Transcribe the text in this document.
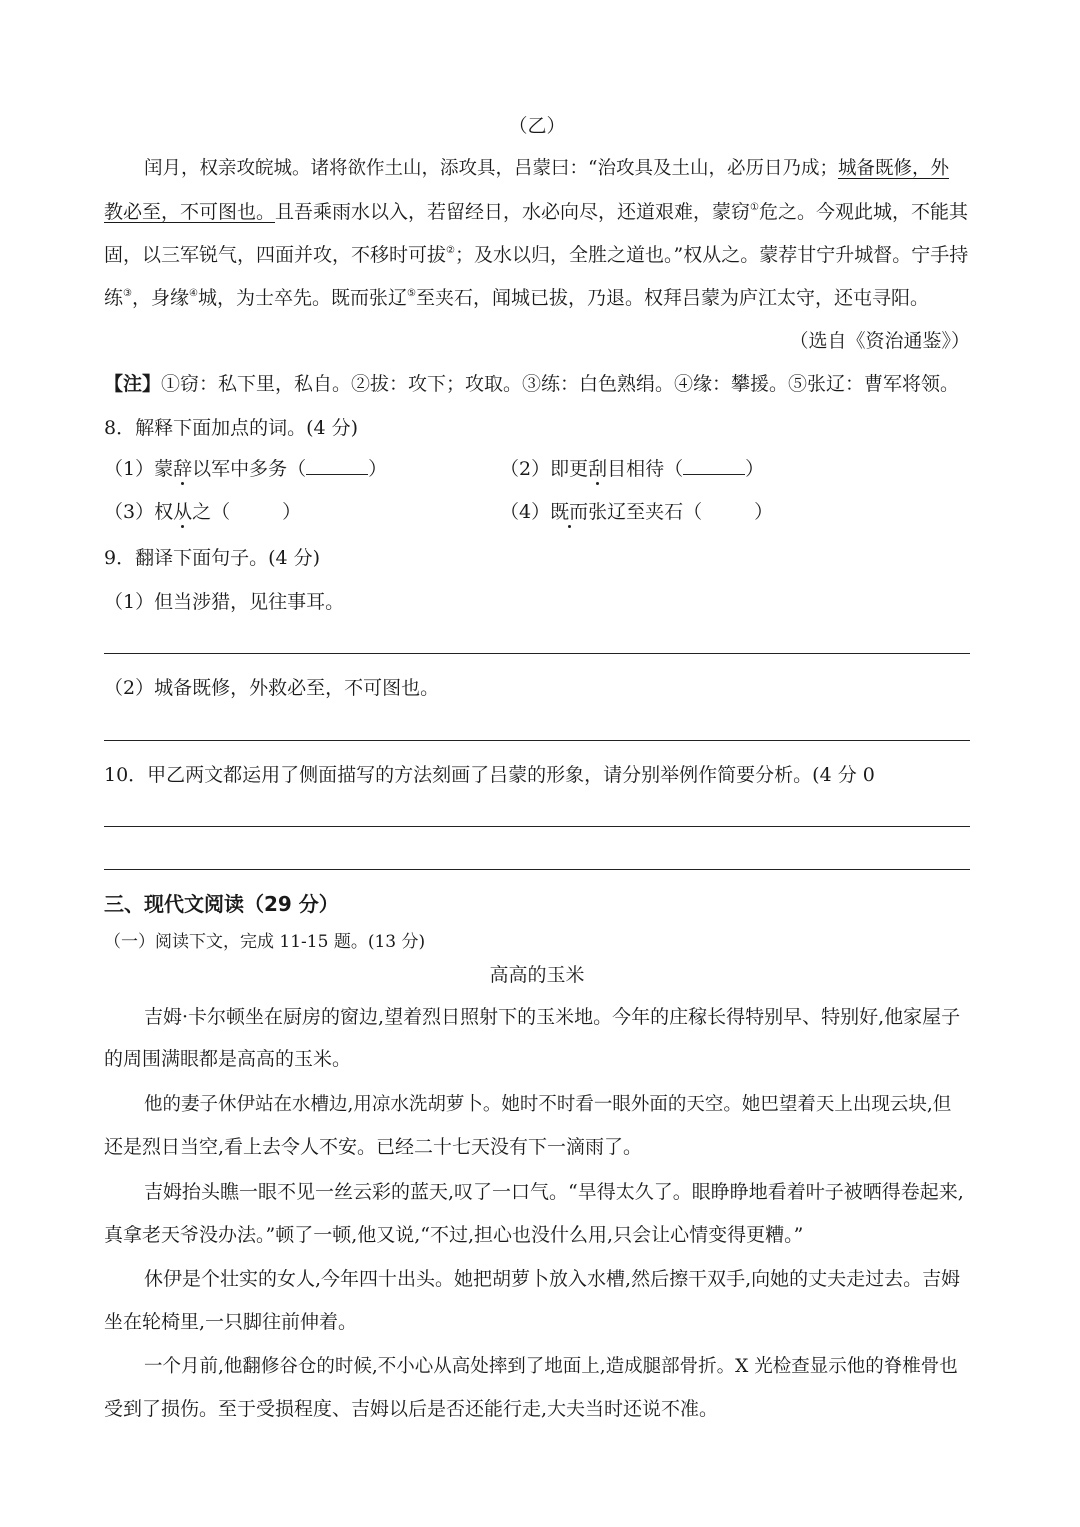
（乙）
闰月，权亲攻皖城。诸将欲作土山，添攻具，吕蒙曰：“治攻具及土山，必历日乃成；城备既修，外
教必至，不可图也。且吾乘雨水以入，若留经日，水必向尽，还道艰难，蒙窃①危之。今观此城，不能其
固，以三军锐气，四面并攻，不移时可拔②；及水以归，全胜之道也。”权从之。蒙荐甘宁升城督。宁手持
练③，身缘④城，为士卒先。既而张辽⑤至夹石，闻城已拔，乃退。权拜吕蒙为庐江太守，还屯寻阳。
（选自《资治通鉴》）
【注】①窃：私下里，私自。②拔：攻下；攻取。③练：白色熟绢。④缘：攀援。⑤张辽：曹军将领。
8．解释下面加点的词。(4 分)
（1）蒙辞以军中多务（	）	（2）即更刮目相待（	）
（3）权从之（	）	（4）既而张辽至夹石（	）
9．翻译下面句子。(4 分)
（1）但当涉猎，见往事耳。
（2）城备既修，外救必至，不可图也。
10．甲乙两文都运用了侧面描写的方法刻画了吕蒙的形象，请分别举例作简要分析。(4 分 0
三、现代文阅读（29 分）
（一）阅读下文，完成 11-15 题。(13 分)
高高的玉米
吉姆·卡尔顿坐在厨房的窗边,望着烈日照射下的玉米地。今年的庄稼长得特别早、特别好,他家屋子
的周围满眼都是高高的玉米。
他的妻子休伊站在水槽边,用凉水洗胡萝卜。她时不时看一眼外面的天空。她巴望着天上出现云块,但
还是烈日当空,看上去令人不安。已经二十七天没有下一滴雨了。
吉姆抬头瞧一眼不见一丝云彩的蓝天,叹了一口气。“旱得太久了。眼睁睁地看着叶子被晒得卷起来,
真拿老天爷没办法。”顿了一顿,他又说,“不过,担心也没什么用,只会让心情变得更糟。”
休伊是个壮实的女人,今年四十出头。她把胡萝卜放入水槽,然后擦干双手,向她的丈夫走过去。吉姆
坐在轮椅里,一只脚往前伸着。
一个月前,他翻修谷仓的时候,不小心从高处摔到了地面上,造成腿部骨折。X 光检查显示他的脊椎骨也
受到了损伤。至于受损程度、吉姆以后是否还能行走,大夫当时还说不准。
